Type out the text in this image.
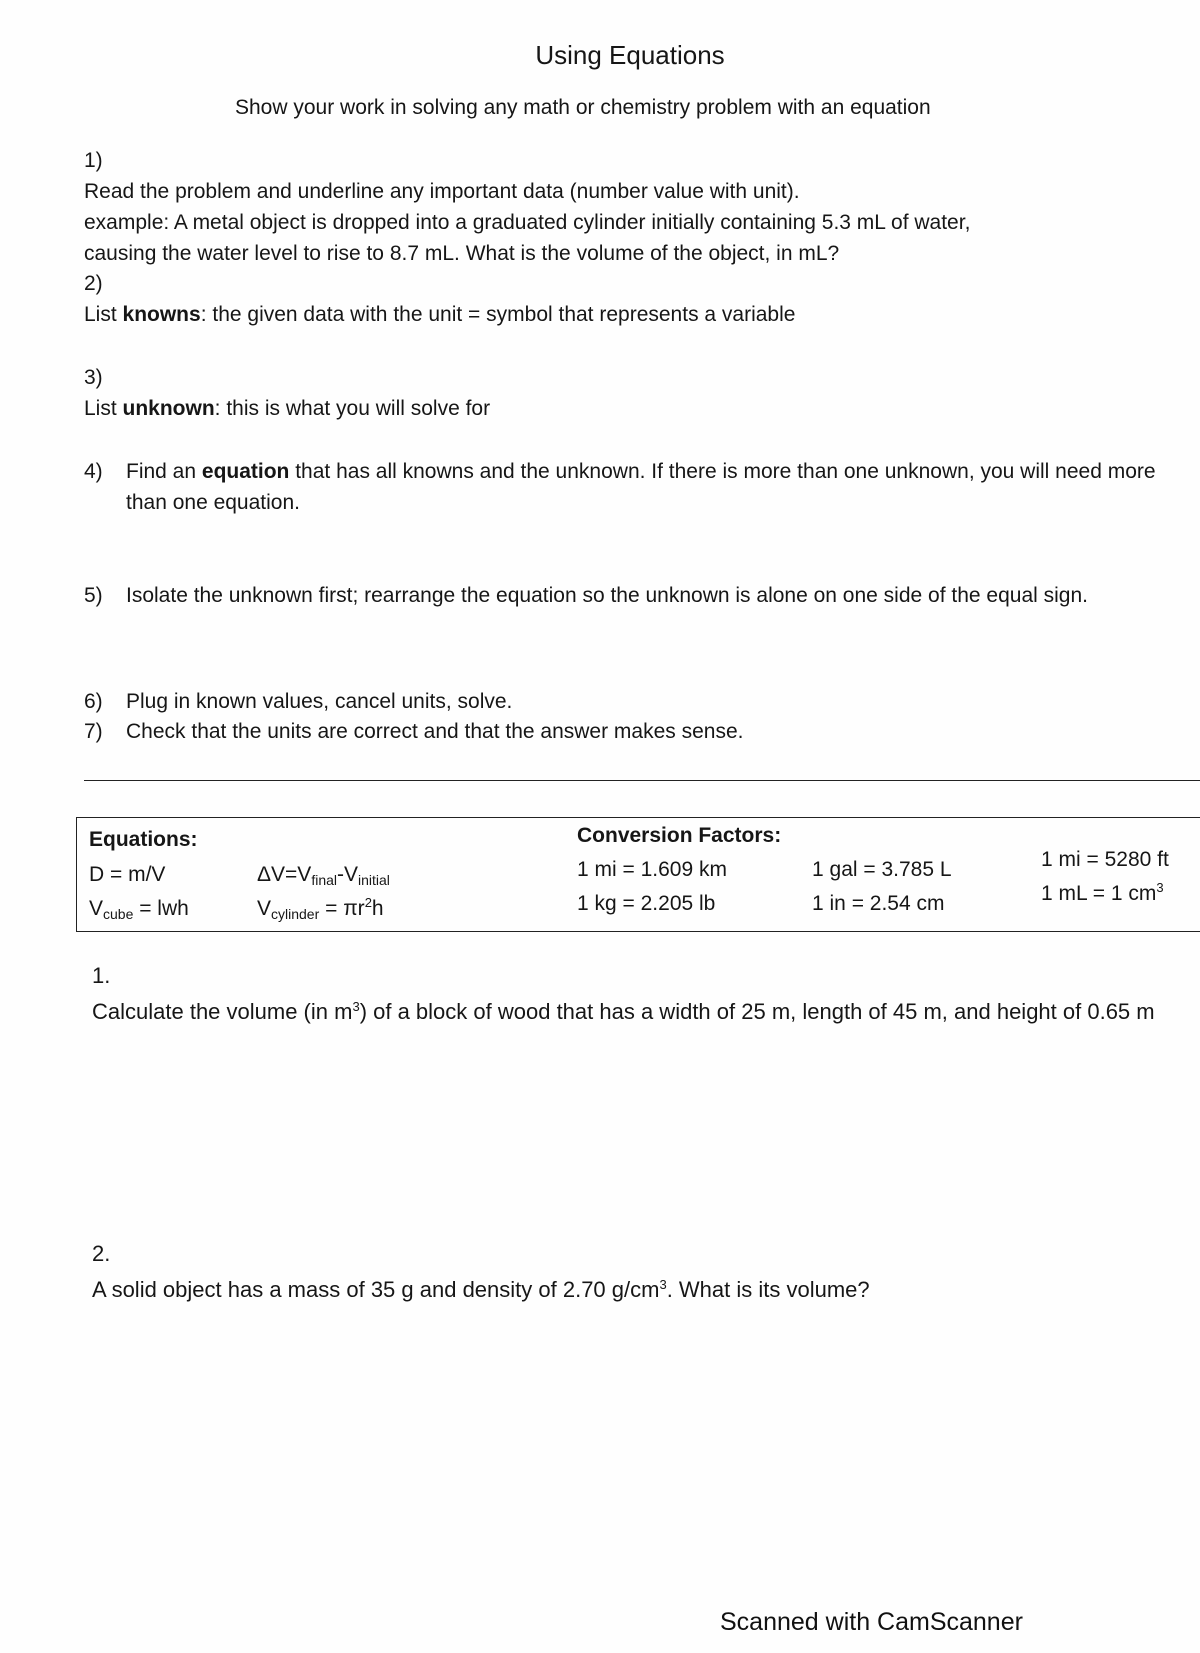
Using Equations
Show your work in solving any math or chemistry problem with an equation
1)Read the problem and underline any important data (number value with unit).
example: A metal object is dropped into a graduated cylinder initially containing 5.3 mL of water,
causing the water level to rise to 8.7 mL. What is the volume of the object, in mL?
2)List knowns: the given data with the unit = symbol that represents a variable
3)List unknown: this is what you will solve for
4) Find an equation that has all knowns and the unknown. If there is more than one unknown, you will need more than one equation.
5) Isolate the unknown first; rearrange the equation so the unknown is alone on one side of the equal sign.
6) Plug in known values, cancel units, solve.
7) Check that the units are correct and that the answer makes sense.
Equations:
D = m/V
$V_{cube}$ = lwh
$\Delta V=V_{final}-V_{initial}$
$V_{cylinder} = \pi r^2h$
Conversion Factors:
1 mi = 1.609 km
1 kg = 2.205 lb
1 gal = 3.785 L
1 in = 2.54 cm
1 mi = 5280 ft
1 mL = 1 $cm^3$
1.Calculate the volume (in $m^3$) of a block of wood that has a width of 25 m, length of 45 m, and height of 0.65 m
2.A solid object has a mass of 35 g and density of 2.70 $g/cm^3$. What is its volume?
Scanned with CamScanner
